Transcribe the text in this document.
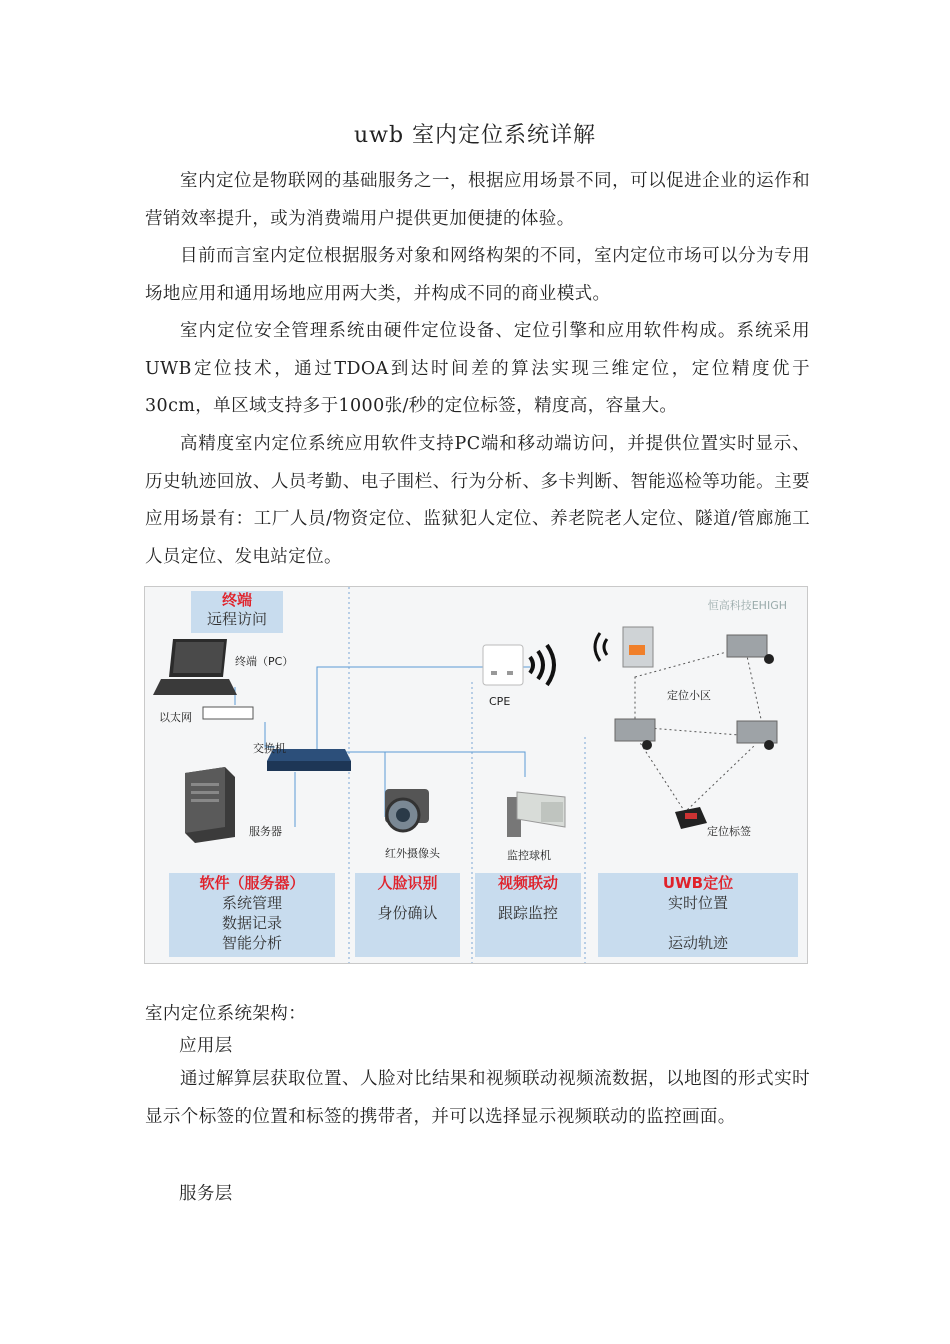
uwb 室内定位系统详解

室内定位是物联网的基础服务之一，根据应用场景不同，可以促进企业的运作和营销效率提升，或为消费端用户提供更加便捷的体验。

目前而言室内定位根据服务对象和网络构架的不同，室内定位市场可以分为专用场地应用和通用场地应用两大类，并构成不同的商业模式。

室内定位安全管理系统由硬件定位设备、定位引擎和应用软件构成。系统采用UWB定位技术，通过TDOA到达时间差的算法实现三维定位，定位精度优于30cm，单区域支持多于1000张/秒的定位标签，精度高，容量大。

高精度室内定位系统应用软件支持PC端和移动端访问，并提供位置实时显示、历史轨迹回放、人员考勤、电子围栏、行为分析、多卡判断、智能巡检等功能。主要应用场景有：工厂人员/物资定位、监狱犯人定位、养老院老人定位、隧道/管廊施工人员定位、发电站定位。

终端
远程访问
恒高科技EHIGH
终端（PC）
以太网
交换机
服务器
CPE
红外摄像头	监控球机
定位小区
定位标签
软件（服务器）
系统管理
数据记录
智能分析
人脸识别
身份确认
视频联动
跟踪监控
UWB定位
实时位置
运动轨迹

室内定位系统架构：

应用层

通过解算层获取位置、人脸对比结果和视频联动视频流数据，以地图的形式实时显示个标签的位置和标签的携带者，并可以选择显示视频联动的监控画面。

服务层
